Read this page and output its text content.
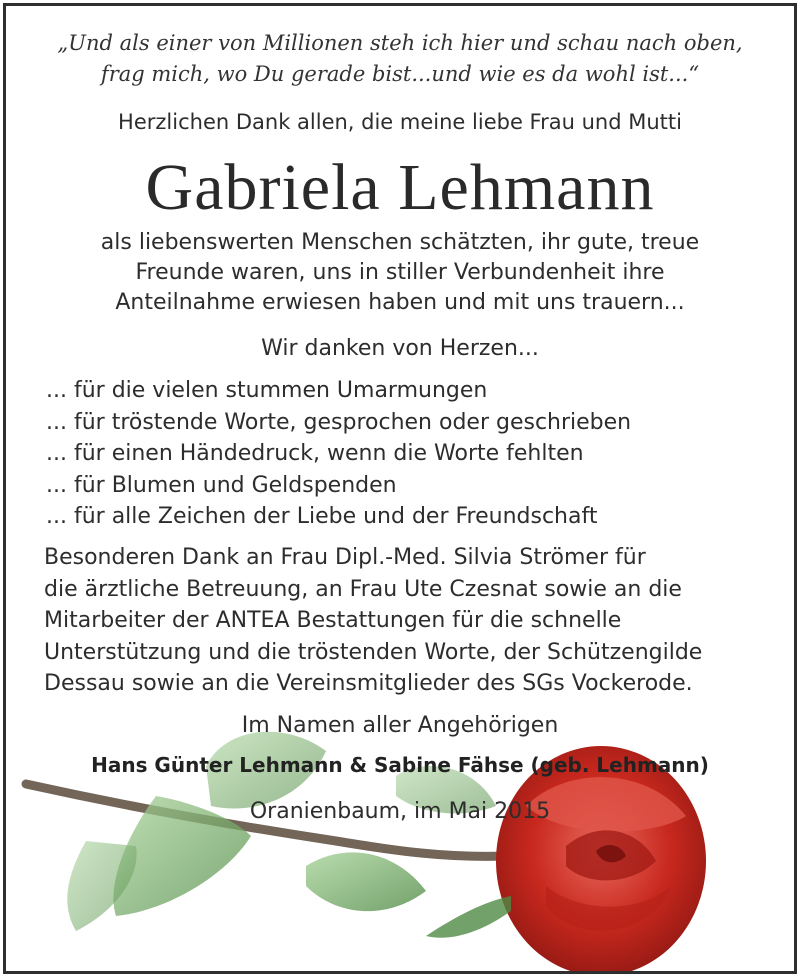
„Und als einer von Millionen steh ich hier und schau nach oben,
frag mich, wo Du gerade bist...und wie es da wohl ist...“
Herzlichen Dank allen, die meine liebe Frau und Mutti
Gabriela Lehmann
als liebenswerten Menschen schätzten, ihr gute, treue
Freunde waren, uns in stiller Verbundenheit ihre
Anteilnahme erwiesen haben und mit uns trauern...
Wir danken von Herzen...
... für die vielen stummen Umarmungen
... für tröstende Worte, gesprochen oder geschrieben
... für einen Händedruck, wenn die Worte fehlten
... für Blumen und Geldspenden
... für alle Zeichen der Liebe und der Freundschaft
Besonderen Dank an Frau Dipl.-Med. Silvia Strömer für
die ärztliche Betreuung, an Frau Ute Czesnat sowie an die
Mitarbeiter der ANTEA Bestattungen für die schnelle
Unterstützung und die tröstenden Worte, der Schützengilde
Dessau sowie an die Vereinsmitglieder des SGs Vockerode.
Im Namen aller Angehörigen
Hans Günter Lehmann & Sabine Fähse (geb. Lehmann)
Oranienbaum, im Mai 2015
